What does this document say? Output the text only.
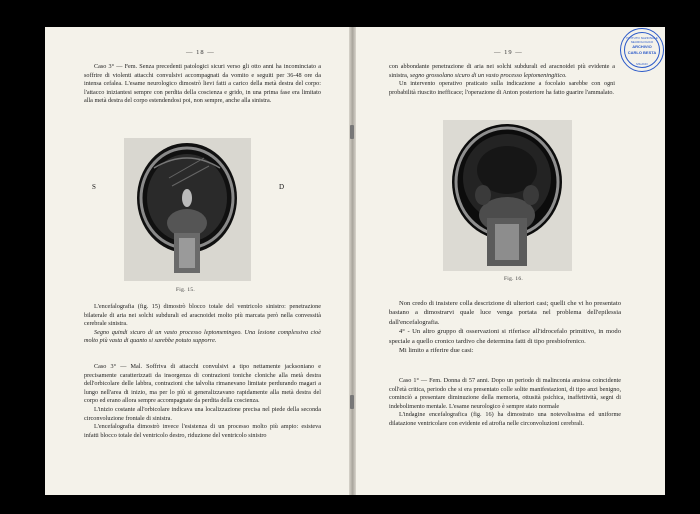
— 18 —

Caso 3° — Fem. Senza precedenti patologici sicuri verso gli otto anni ha incominciato a soffrire di violenti attacchi convulsivi accompagnati da vomito e seguiti per 36-48 ore da intensa cefalea. L'esame neurologico dimostrò lievi fatti a carico della metà destra del corpo: l'attacco iniziantesi sempre con perdita della coscienza e grido, in una prima fase era limitato alla metà destra del corpo estendendosi poi, non sempre, anche alla sinistra.

S	D
Fig. 15.

L'encefalografia (fig. 15) dimostrò blocco totale del ventricolo sinistro: penetrazione bilaterale di aria nei solchi subdurali ed aracnoidei molto più marcata però nella convessità cerebrale sinistra.

Segno quindi sicuro di un vasto processo leptomeningeo. Una lesione complessiva cioè molto più vasta di quanto si sarebbe potuto supporre.

Caso 3° — Mal. Soffriva di attacchi convulsivi a tipo nettamente jacksoniano e precisamente caratterizzati da insorgenza di contrazioni toniche cloniche alla metà destra dell'orbicolare delle labbra, contrazioni che talvolta rimanevano limitate perdurando magari a lungo nell'area di inizio, ma per lo più si generalizzavano rapidamente alla metà destra del corpo ed erano allora sempre accompagnate da perdita della coscienza.

L'inizio costante all'orbicolare indicava una localizzazione precisa nel piede della seconda circonvoluzione frontale di sinistra.

L'encefalografia dimostrò invece l'esistenza di un processo molto più ampio: esisteva infatti blocco totale del ventricolo destro, riduzione del ventricolo sinistro

— 19 —
ISTITUTO NAZIONALE NEUROLOGICO
ARCHIVIO
CARLO BESTA
MILANO

con abbondante penetrazione di aria nei solchi subdurali ed aracnoidei più evidente a sinistra, segno grossolano sicuro di un vasto processo leptomeningitico.

Un intervento operativo praticato sulla indicazione a focolaio sarebbe con ogni probabilità riuscito inefficace; l'operazione di Anton posteriore ha fatto guarire l'ammalato.

Fig. 16.

Non credo di insistere colla descrizione di ulteriori casi; quelli che vi ho presentato bastano a dimostrarvi quale luce venga portata nel problema dell'epilessia dall'encefalografia.

4° - Un altro gruppo di osservazioni si riferisce all'idrocefalo primitivo, in modo speciale a quello cronico tardivo che determina fatti di tipo presbiofrenico.

Mi limito a riferire due casi:

Caso 1° — Fem. Donna di 57 anni. Dopo un periodo di malinconia ansiosa coincidente coll'età critica, periodo che si era presentato colle solite manifestazioni, di tipo anzi benigno, cominciò a presentare diminuzione della memoria, ottusità psichica, inaffettività, segni di indebolimento mentale. L'esame neurologico è sempre stato normale

L'indagine encefalografica (fig. 16) ha dimostrato una notevolissima ed uniforme dilatazione ventricolare con evidente ed atrofia nelle circonvoluzioni cerebrali.
